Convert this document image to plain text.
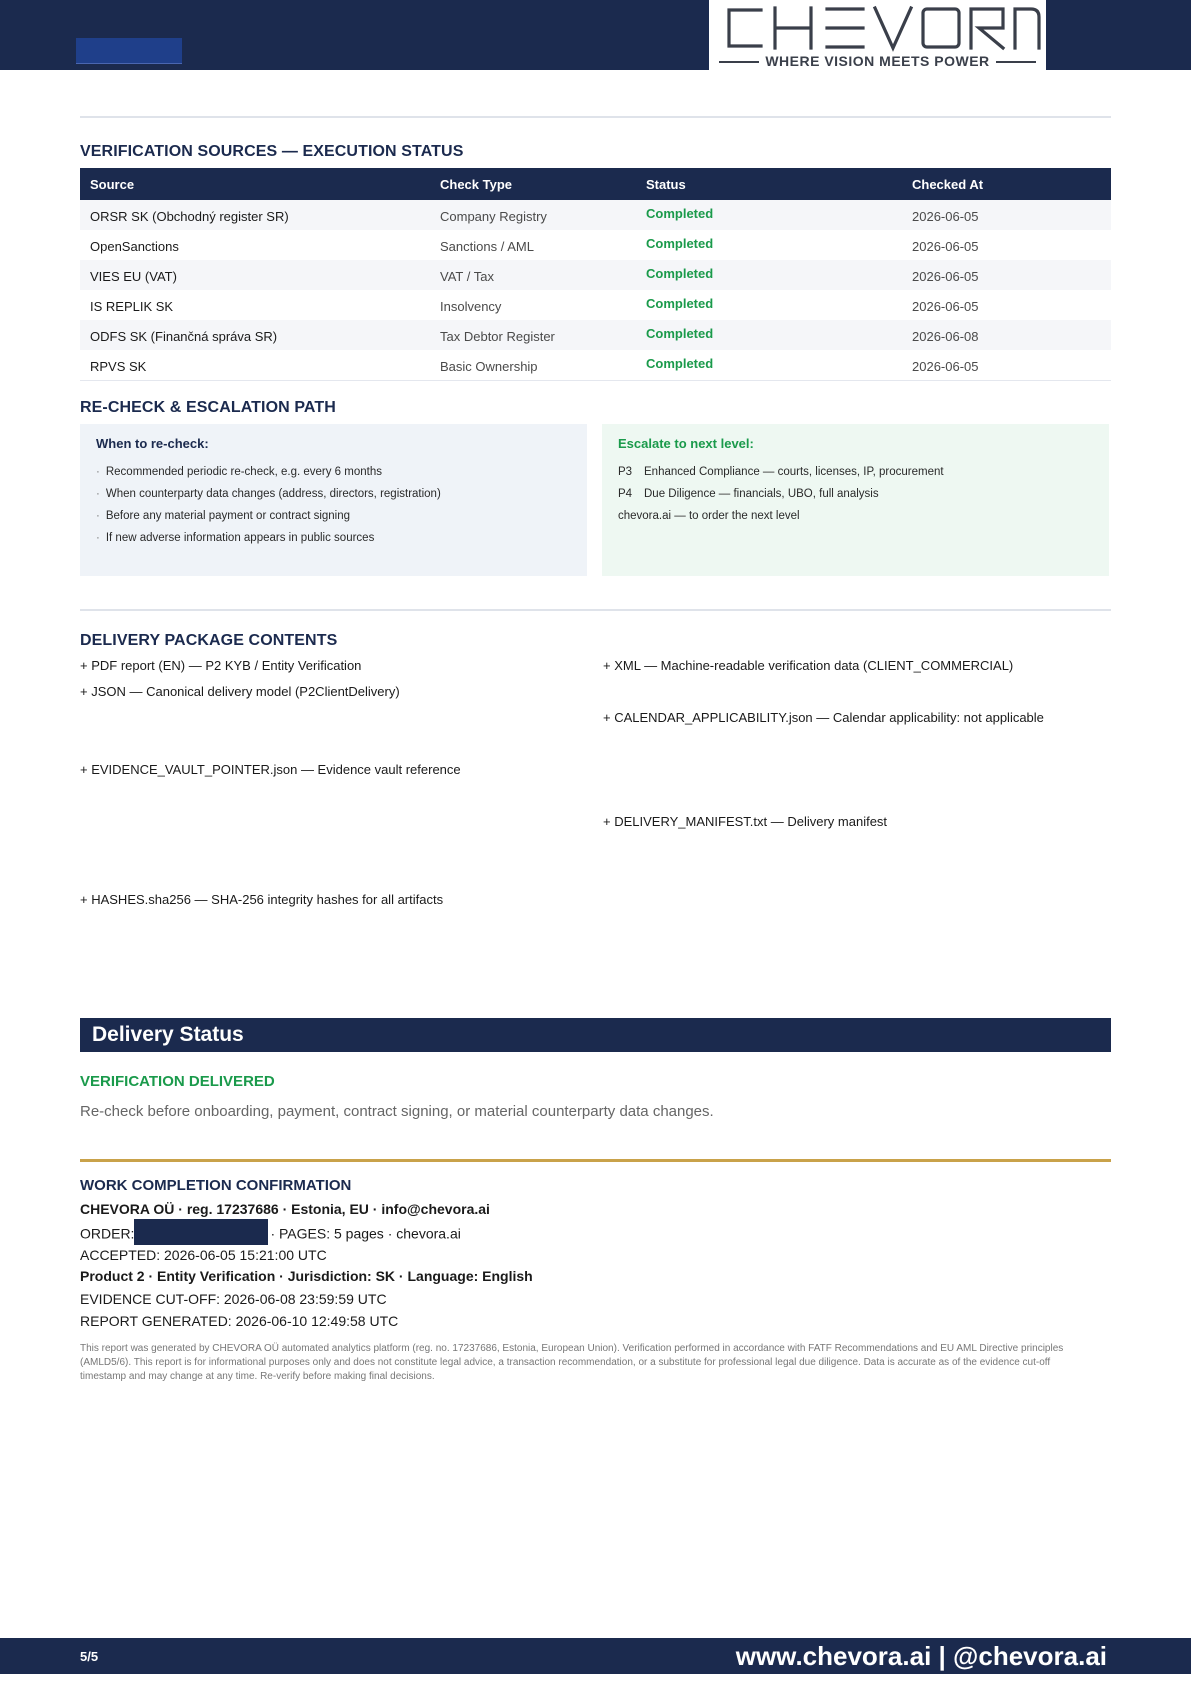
WHERE VISION MEETS POWER
VERIFICATION SOURCES — EXECUTION STATUS
Source	Check Type	Status	Checked At
ORSR SK (Obchodný register SR)	Company Registry	Completed	2026-06-05
OpenSanctions	Sanctions / AML	Completed	2026-06-05
VIES EU (VAT)	VAT / Tax	Completed	2026-06-05
IS REPLIK SK	Insolvency	Completed	2026-06-05
ODFS SK (Finančná správa SR)	Tax Debtor Register	Completed	2026-06-08
RPVS SK	Basic Ownership	Completed	2026-06-05
RE-CHECK & ESCALATION PATH
When to re-check:
· Recommended periodic re-check, e.g. every 6 months
· When counterparty data changes (address, directors, registration)
· Before any material payment or contract signing
· If new adverse information appears in public sources
Escalate to next level:
P3 Enhanced Compliance — courts, licenses, IP, procurement
P4 Due Diligence — financials, UBO, full analysis
chevora.ai — to order the next level
DELIVERY PACKAGE CONTENTS
+ PDF report (EN) — P2 KYB / Entity Verification	+ XML — Machine-readable verification data (CLIENT_COMMERCIAL)
+ JSON — Canonical delivery model (P2ClientDelivery)
+ CALENDAR_APPLICABILITY.json — Calendar applicability: not applicable
+ EVIDENCE_VAULT_POINTER.json — Evidence vault reference
+ DELIVERY_MANIFEST.txt — Delivery manifest
+ HASHES.sha256 — SHA-256 integrity hashes for all artifacts
Delivery Status
VERIFICATION DELIVERED
Re-check before onboarding, payment, contract signing, or material counterparty data changes.
WORK COMPLETION CONFIRMATION
CHEVORA OÜ · reg. 17237686 · Estonia, EU · info@chevora.ai
ORDER:	· PAGES: 5 pages · chevora.ai
ACCEPTED: 2026-06-05 15:21:00 UTC
Product 2 · Entity Verification · Jurisdiction: SK · Language: English
EVIDENCE CUT-OFF: 2026-06-08 23:59:59 UTC
REPORT GENERATED: 2026-06-10 12:49:58 UTC
This report was generated by CHEVORA OÜ automated analytics platform (reg. no. 17237686, Estonia, European Union). Verification performed in accordance with FATF Recommendations and EU AML Directive principles (AMLD5/6). This report is for informational purposes only and does not constitute legal advice, a transaction recommendation, or a substitute for professional legal due diligence. Data is accurate as of the evidence cut-off timestamp and may change at any time. Re-verify before making final decisions.
5/5	www.chevora.ai | @chevora.ai
